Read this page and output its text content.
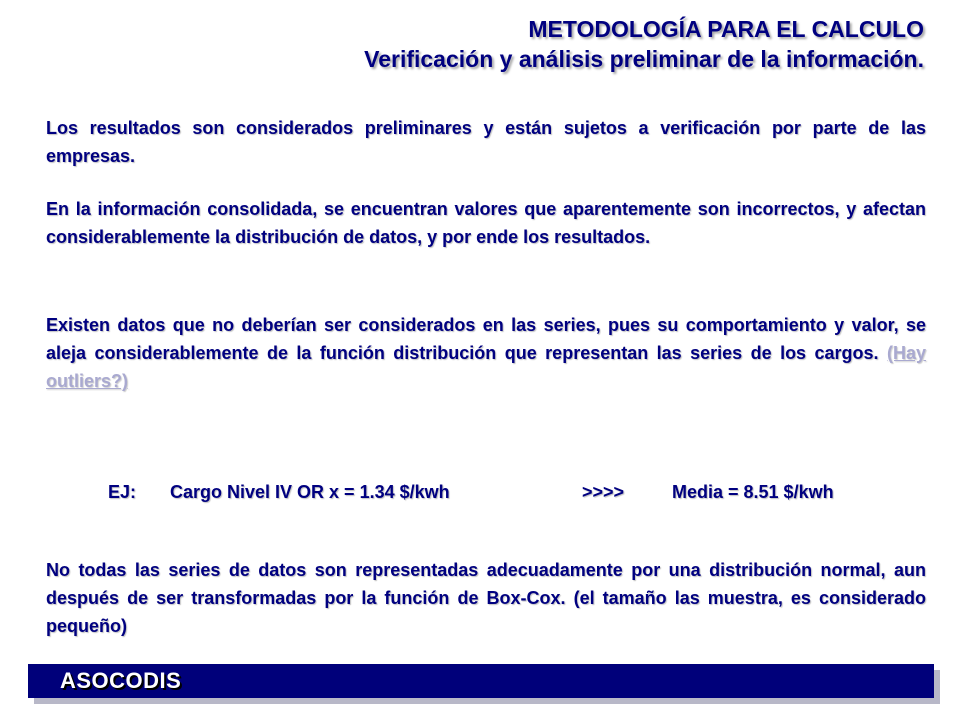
METODOLOGÍA PARA EL CALCULO
Verificación y análisis preliminar de la información.
Los resultados son considerados preliminares y están sujetos a verificación por parte de las empresas.
En la información consolidada, se encuentran valores que aparentemente son incorrectos, y afectan considerablemente la distribución de datos, y por ende los resultados.
Existen datos que no deberían ser considerados en las series, pues su comportamiento y valor, se aleja considerablemente de la función distribución que representan las series de los cargos. (Hay outliers?)
EJ: Cargo Nivel IV OR x = 1.34 $/kwh	>>>>	Media = 8.51 $/kwh
No todas las series de datos son representadas adecuadamente por una distribución normal, aun después de ser transformadas por la función de Box-Cox. (el tamaño las muestra, es considerado pequeño)
ASOCODIS
